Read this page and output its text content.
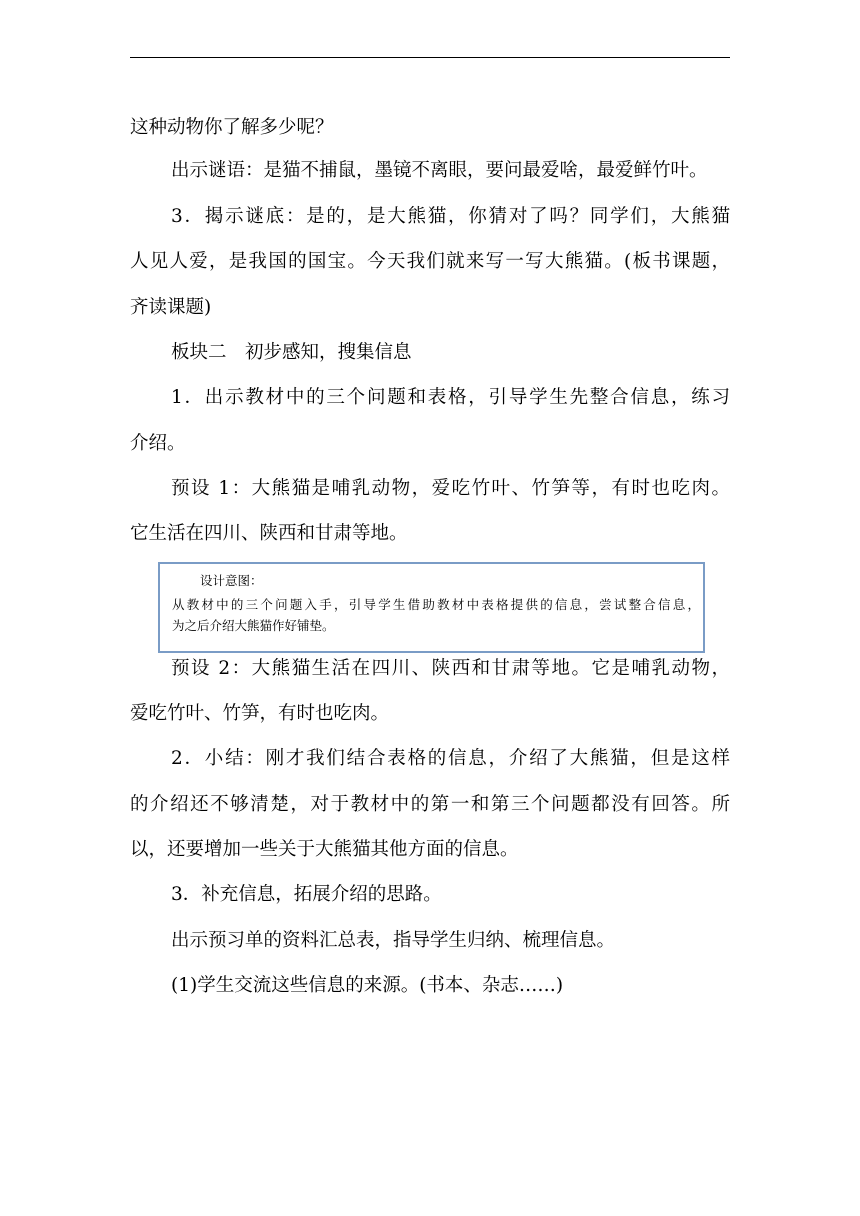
这种动物你了解多少呢？
出示谜语：是猫不捕鼠，墨镜不离眼，要问最爱啥，最爱鲜竹叶。
3．揭示谜底：是的，是大熊猫，你猜对了吗？同学们，大熊猫
人见人爱，是我国的国宝。今天我们就来写一写大熊猫。(板书课题，
齐读课题)
板块二　初步感知，搜集信息
1．出示教材中的三个问题和表格，引导学生先整合信息，练习
介绍。
预设 1：大熊猫是哺乳动物，爱吃竹叶、竹笋等，有时也吃肉。
它生活在四川、陕西和甘肃等地。
设计意图：
从教材中的三个问题入手，引导学生借助教材中表格提供的信息，尝试整合信息，
为之后介绍大熊猫作好铺垫。
预设 2：大熊猫生活在四川、陕西和甘肃等地。它是哺乳动物，
爱吃竹叶、竹笋，有时也吃肉。
2．小结：刚才我们结合表格的信息，介绍了大熊猫，但是这样
的介绍还不够清楚，对于教材中的第一和第三个问题都没有回答。所
以，还要增加一些关于大熊猫其他方面的信息。
3．补充信息，拓展介绍的思路。
出示预习单的资料汇总表，指导学生归纳、梳理信息。
(1)学生交流这些信息的来源。(书本、杂志……)
